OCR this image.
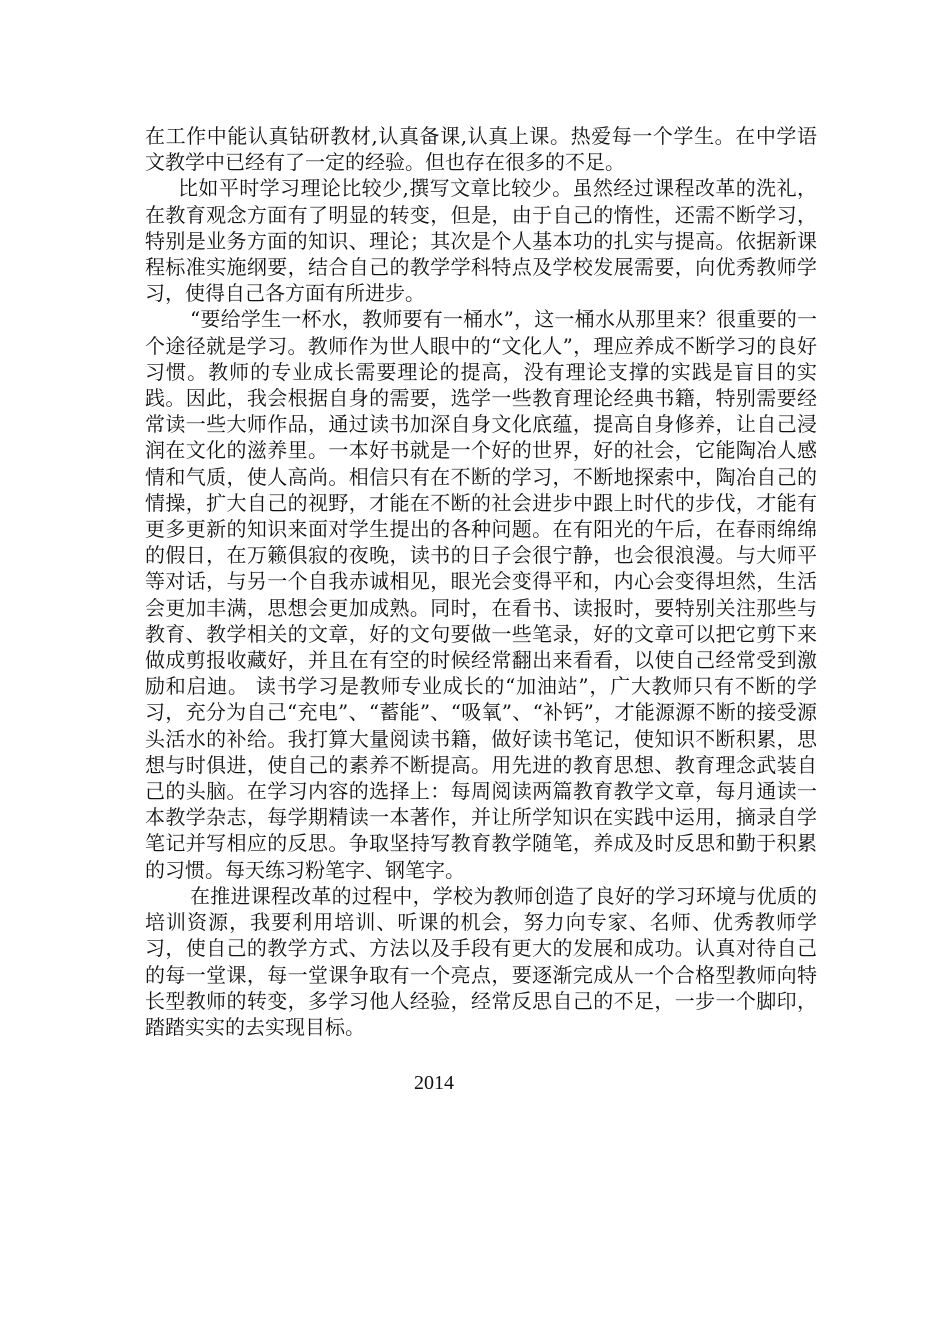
在工作中能认真钻研教材,认真备课,认真上课。热爱每一个学生。在中学语文教学中已经有了一定的经验。但也存在很多的不足。

比如平时学习理论比较少,撰写文章比较少。虽然经过课程改革的洗礼，在教育观念方面有了明显的转变，但是，由于自己的惰性，还需不断学习，特别是业务方面的知识、理论；其次是个人基本功的扎实与提高。依据新课程标准实施纲要，结合自己的教学学科特点及学校发展需要，向优秀教师学习，使得自己各方面有所进步。

“要给学生一杯水，教师要有一桶水”，这一桶水从那里来？很重要的一个途径就是学习。教师作为世人眼中的“文化人”，理应养成不断学习的良好习惯。教师的专业成长需要理论的提高，没有理论支撑的实践是盲目的实践。因此，我会根据自身的需要，选学一些教育理论经典书籍，特别需要经常读一些大师作品，通过读书加深自身文化底蕴，提高自身修养，让自己浸润在文化的滋养里。一本好书就是一个好的世界，好的社会，它能陶冶人感情和气质，使人高尚。相信只有在不断的学习，不断地探索中，陶冶自己的情操，扩大自己的视野，才能在不断的社会进步中跟上时代的步伐，才能有更多更新的知识来面对学生提出的各种问题。在有阳光的午后，在春雨绵绵的假日，在万籁俱寂的夜晚，读书的日子会很宁静，也会很浪漫。与大师平等对话，与另一个自我赤诚相见，眼光会变得平和，内心会变得坦然，生活会更加丰满，思想会更加成熟。同时，在看书、读报时，要特别关注那些与教育、教学相关的文章，好的文句要做一些笔录，好的文章可以把它剪下来做成剪报收藏好，并且在有空的时候经常翻出来看看，以使自己经常受到激励和启迪。 读书学习是教师专业成长的“加油站”，广大教师只有不断的学习，充分为自己“充电”、“蓄能”、“吸氧”、“补钙”，才能源源不断的接受源头活水的补给。我打算大量阅读书籍，做好读书笔记，使知识不断积累，思想与时俱进，使自己的素养不断提高。用先进的教育思想、教育理念武装自己的头脑。在学习内容的选择上：每周阅读两篇教育教学文章，每月通读一本教学杂志，每学期精读一本著作，并让所学知识在实践中运用，摘录自学笔记并写相应的反思。争取坚持写教育教学随笔，养成及时反思和勤于积累的习惯。每天练习粉笔字、钢笔字。

在推进课程改革的过程中，学校为教师创造了良好的学习环境与优质的培训资源，我要利用培训、听课的机会，努力向专家、名师、优秀教师学习，使自己的教学方式、方法以及手段有更大的发展和成功。认真对待自己的每一堂课，每一堂课争取有一个亮点，要逐渐完成从一个合格型教师向特长型教师的转变，多学习他人经验，经常反思自己的不足，一步一个脚印，踏踏实实的去实现目标。

2014
